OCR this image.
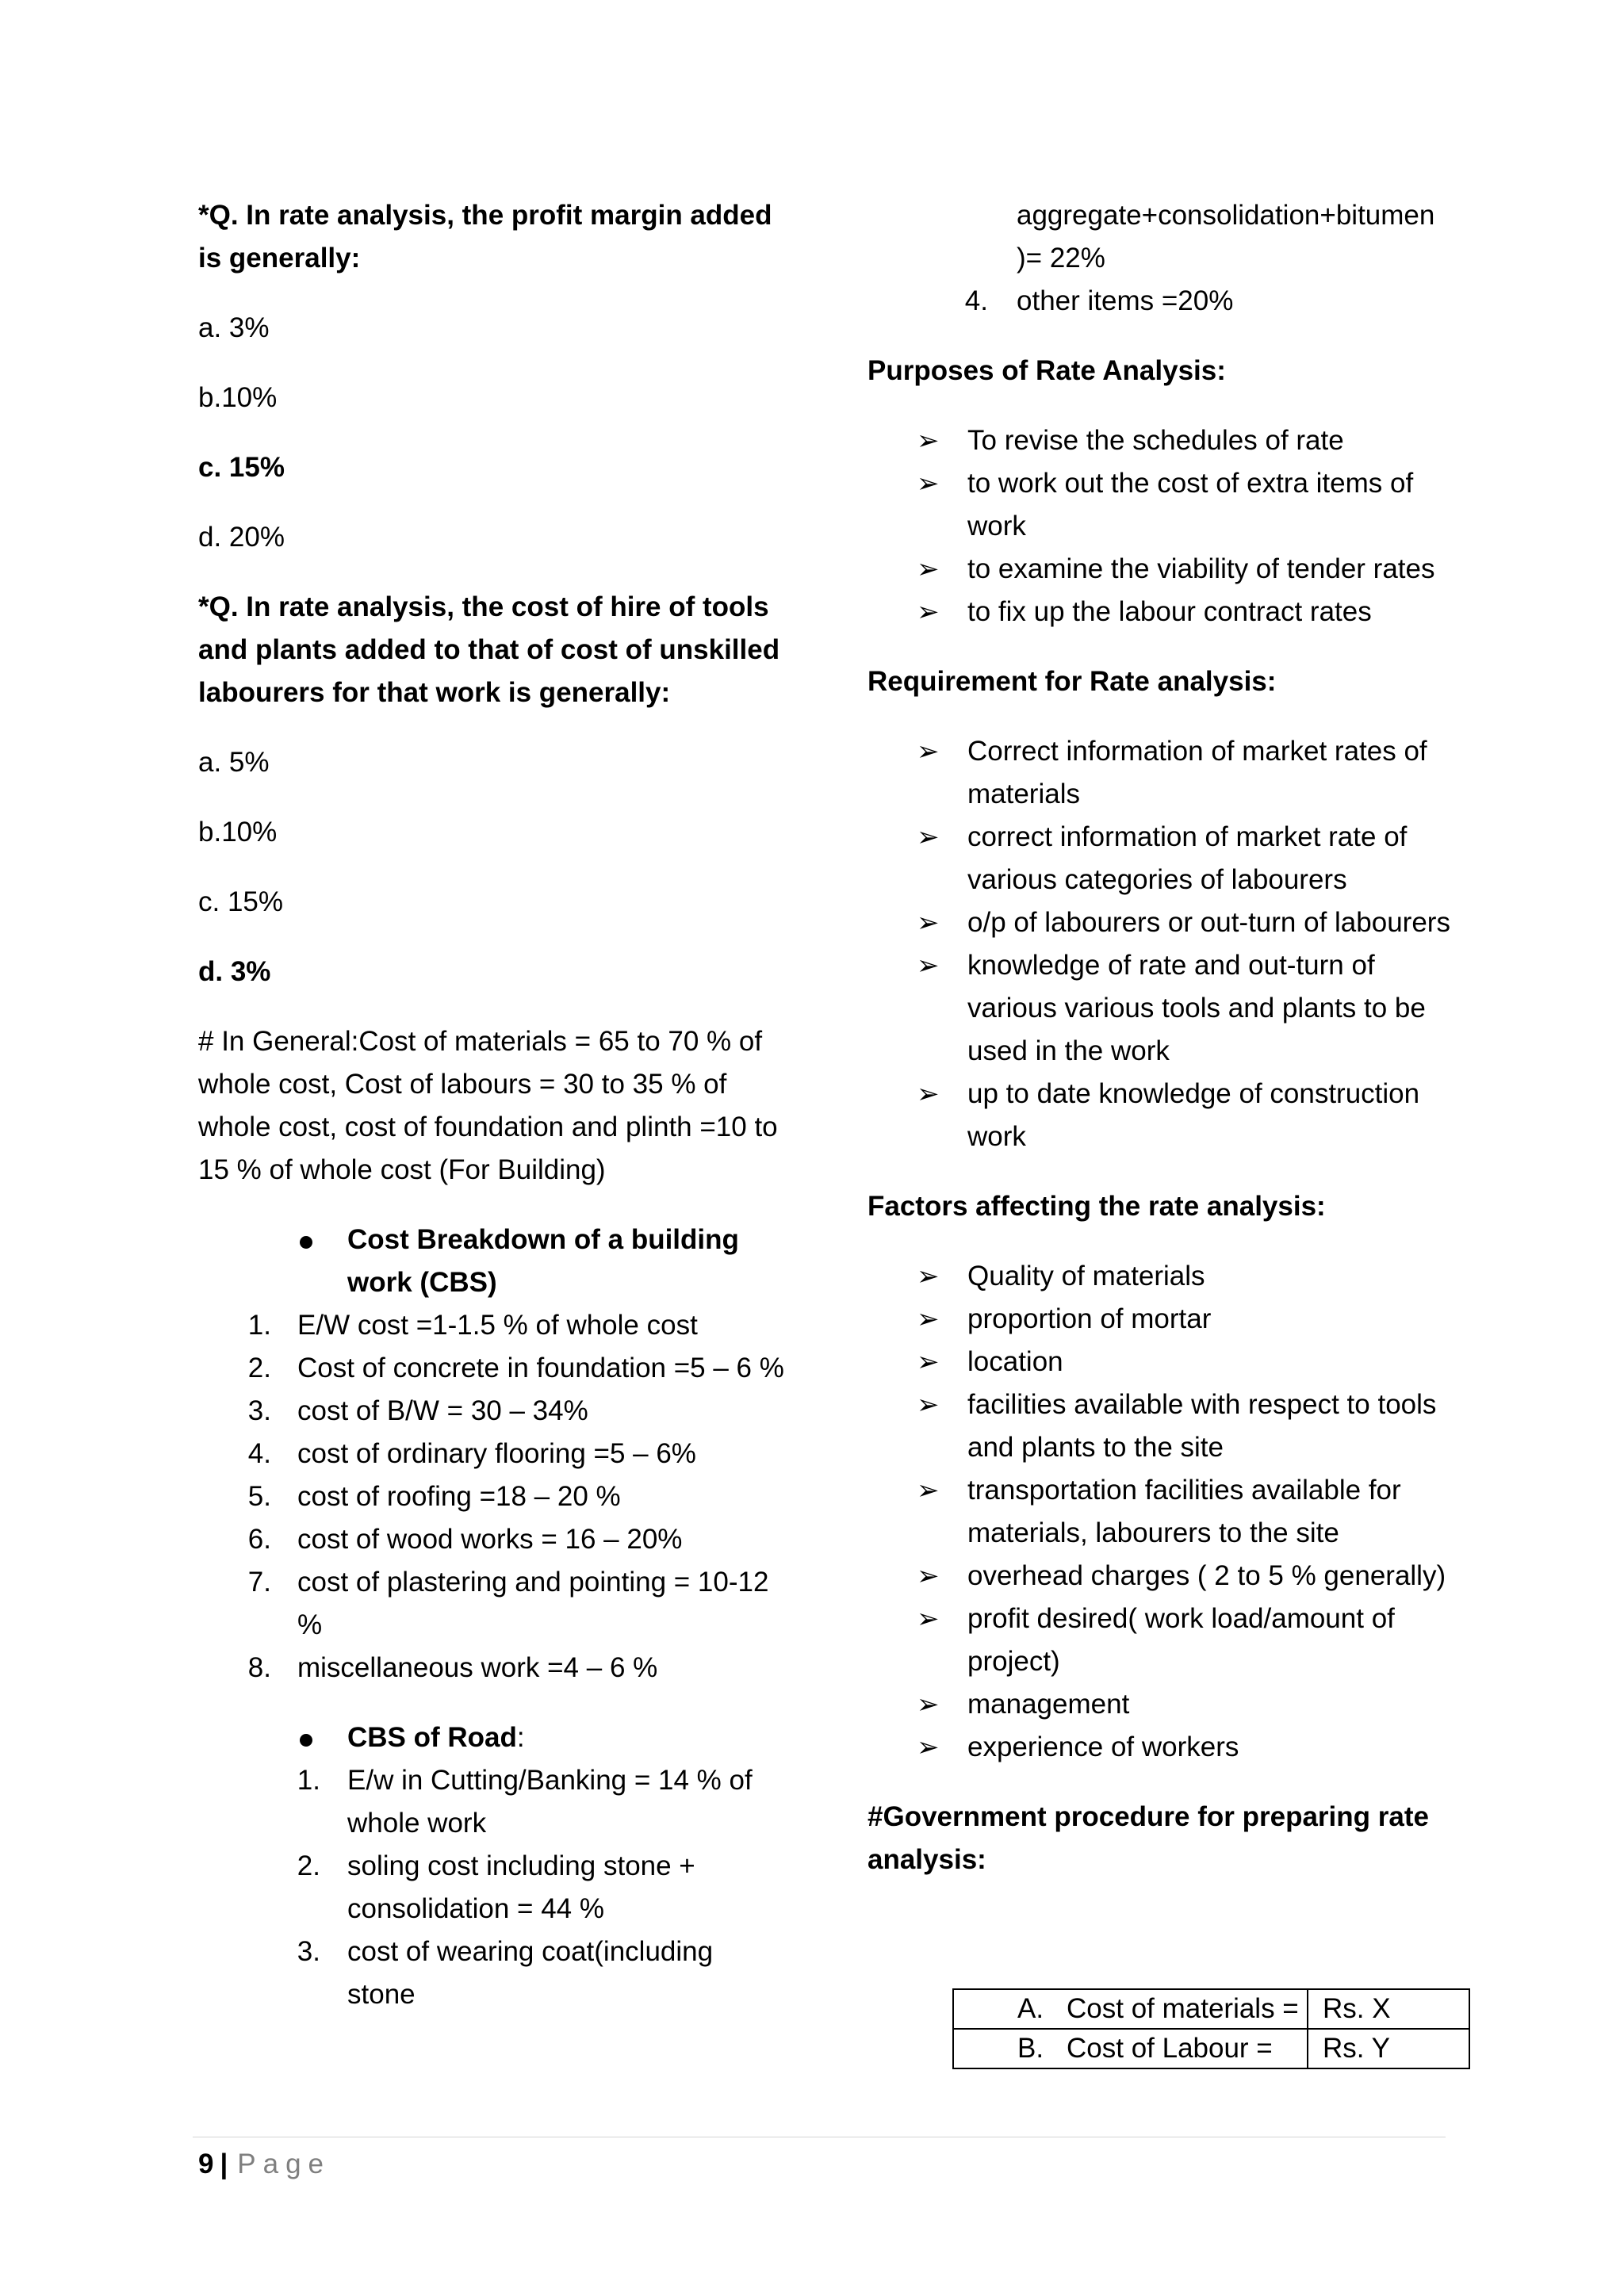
*Q. In rate analysis, the profit margin added is generally:

a. 3%

b.10%

c. 15%

d. 20%

*Q. In rate analysis, the cost of hire of tools and plants added to that of cost of unskilled labourers for that work is generally:

a. 5%

b.10%

c. 15%

d. 3%

# In General:Cost of materials = 65 to 70 % of whole cost, Cost of labours = 30 to 35 % of whole cost, cost of foundation and plinth =10 to 15 % of whole cost (For Building)

Cost Breakdown of a building work (CBS)
1. E/W cost =1-1.5 % of whole cost
2. Cost of concrete in foundation =5 – 6 %
3. cost of B/W = 30 – 34%
4. cost of ordinary flooring =5 – 6%
5. cost of roofing =18 – 20 %
6. cost of wood works = 16 – 20%
7. cost of plastering and pointing = 10-12 %
8. miscellaneous work =4 – 6 %
CBS of Road:
1. E/w in Cutting/Banking = 14 % of whole work
2. soling cost including stone + consolidation = 44 %
3. cost of wearing coat(including stone
aggregate+consolidation+bitumen )= 22%
4. other items =20%

Purposes of Rate Analysis:

➢ To revise the schedules of rate
➢ to work out the cost of extra items of work
➢ to examine the viability of tender rates
➢ to fix up the labour contract rates

Requirement for Rate analysis:

➢ Correct information of market rates of materials
➢ correct information of market rate of various categories of labourers
➢ o/p of labourers or out-turn of labourers
➢ knowledge of rate and out-turn of various various tools and plants to be used in the work
➢ up to date knowledge of construction work

Factors affecting the rate analysis:

➢ Quality of materials
➢ proportion of mortar
➢ location
➢ facilities available with respect to tools and plants to the site
➢ transportation facilities available for materials, labourers to the site
➢ overhead charges ( 2 to 5 % generally)
➢ profit desired( work load/amount of project)
➢ management
➢ experience of workers

#Government procedure for preparing rate analysis:

A. Cost of materials =	Rs. X

B. Cost of Labour =	Rs. Y
9 | Page
